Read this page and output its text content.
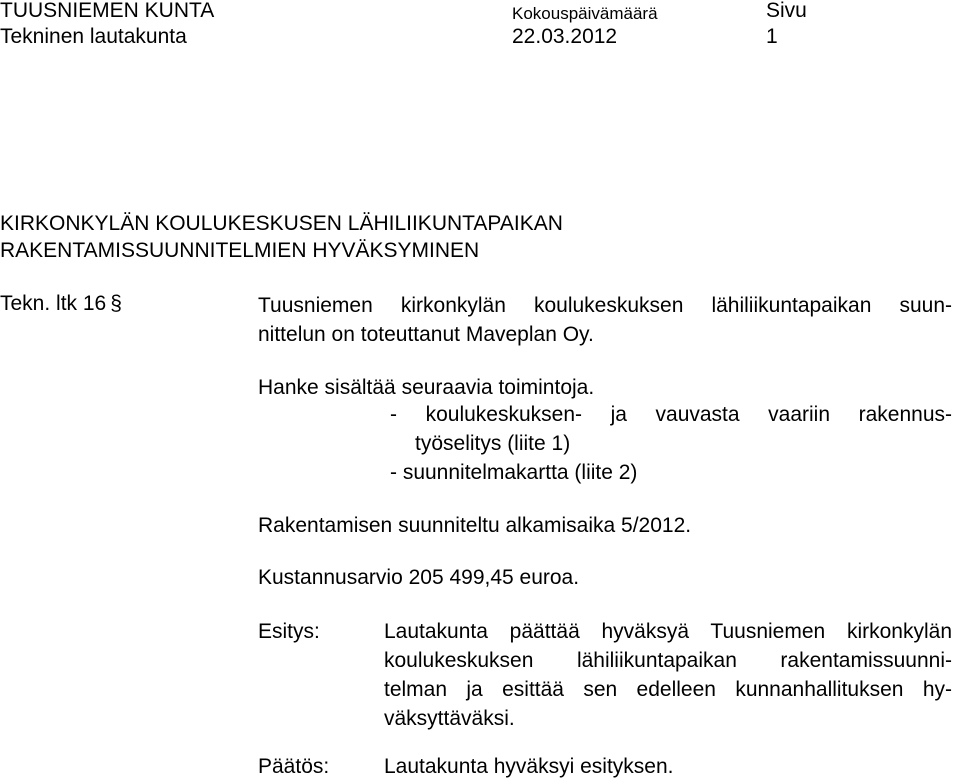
TUUSNIEMEN KUNTA
Tekninen lautakunta
Kokouspäivämäärä
22.03.2012
Sivu
1
KIRKONKYLÄN KOULUKESKUSEN LÄHILIIKUNTAPAIKAN
RAKENTAMISSUUNNITELMIEN HYVÄKSYMINEN
Tekn. ltk 16 §	Tuusniemen kirkonkylän koulukeskuksen lähiliikuntapaikan suun-
nittelun on toteuttanut Maveplan Oy.
Hanke sisältää seuraavia toimintoja.
- koulukeskuksen- ja vauvasta vaariin rakennus-
työselitys (liite 1)
- suunnitelmakartta (liite 2)
Rakentamisen suunniteltu alkamisaika 5/2012.
Kustannusarvio 205 499,45 euroa.
Esitys:	Lautakunta päättää hyväksyä Tuusniemen kirkonkylän
koulukeskuksen lähiliikuntapaikan rakentamissuunni-
telman ja esittää sen edelleen kunnanhallituksen hy-
väksyttäväksi.
Päätös:	Lautakunta hyväksyi esityksen.
